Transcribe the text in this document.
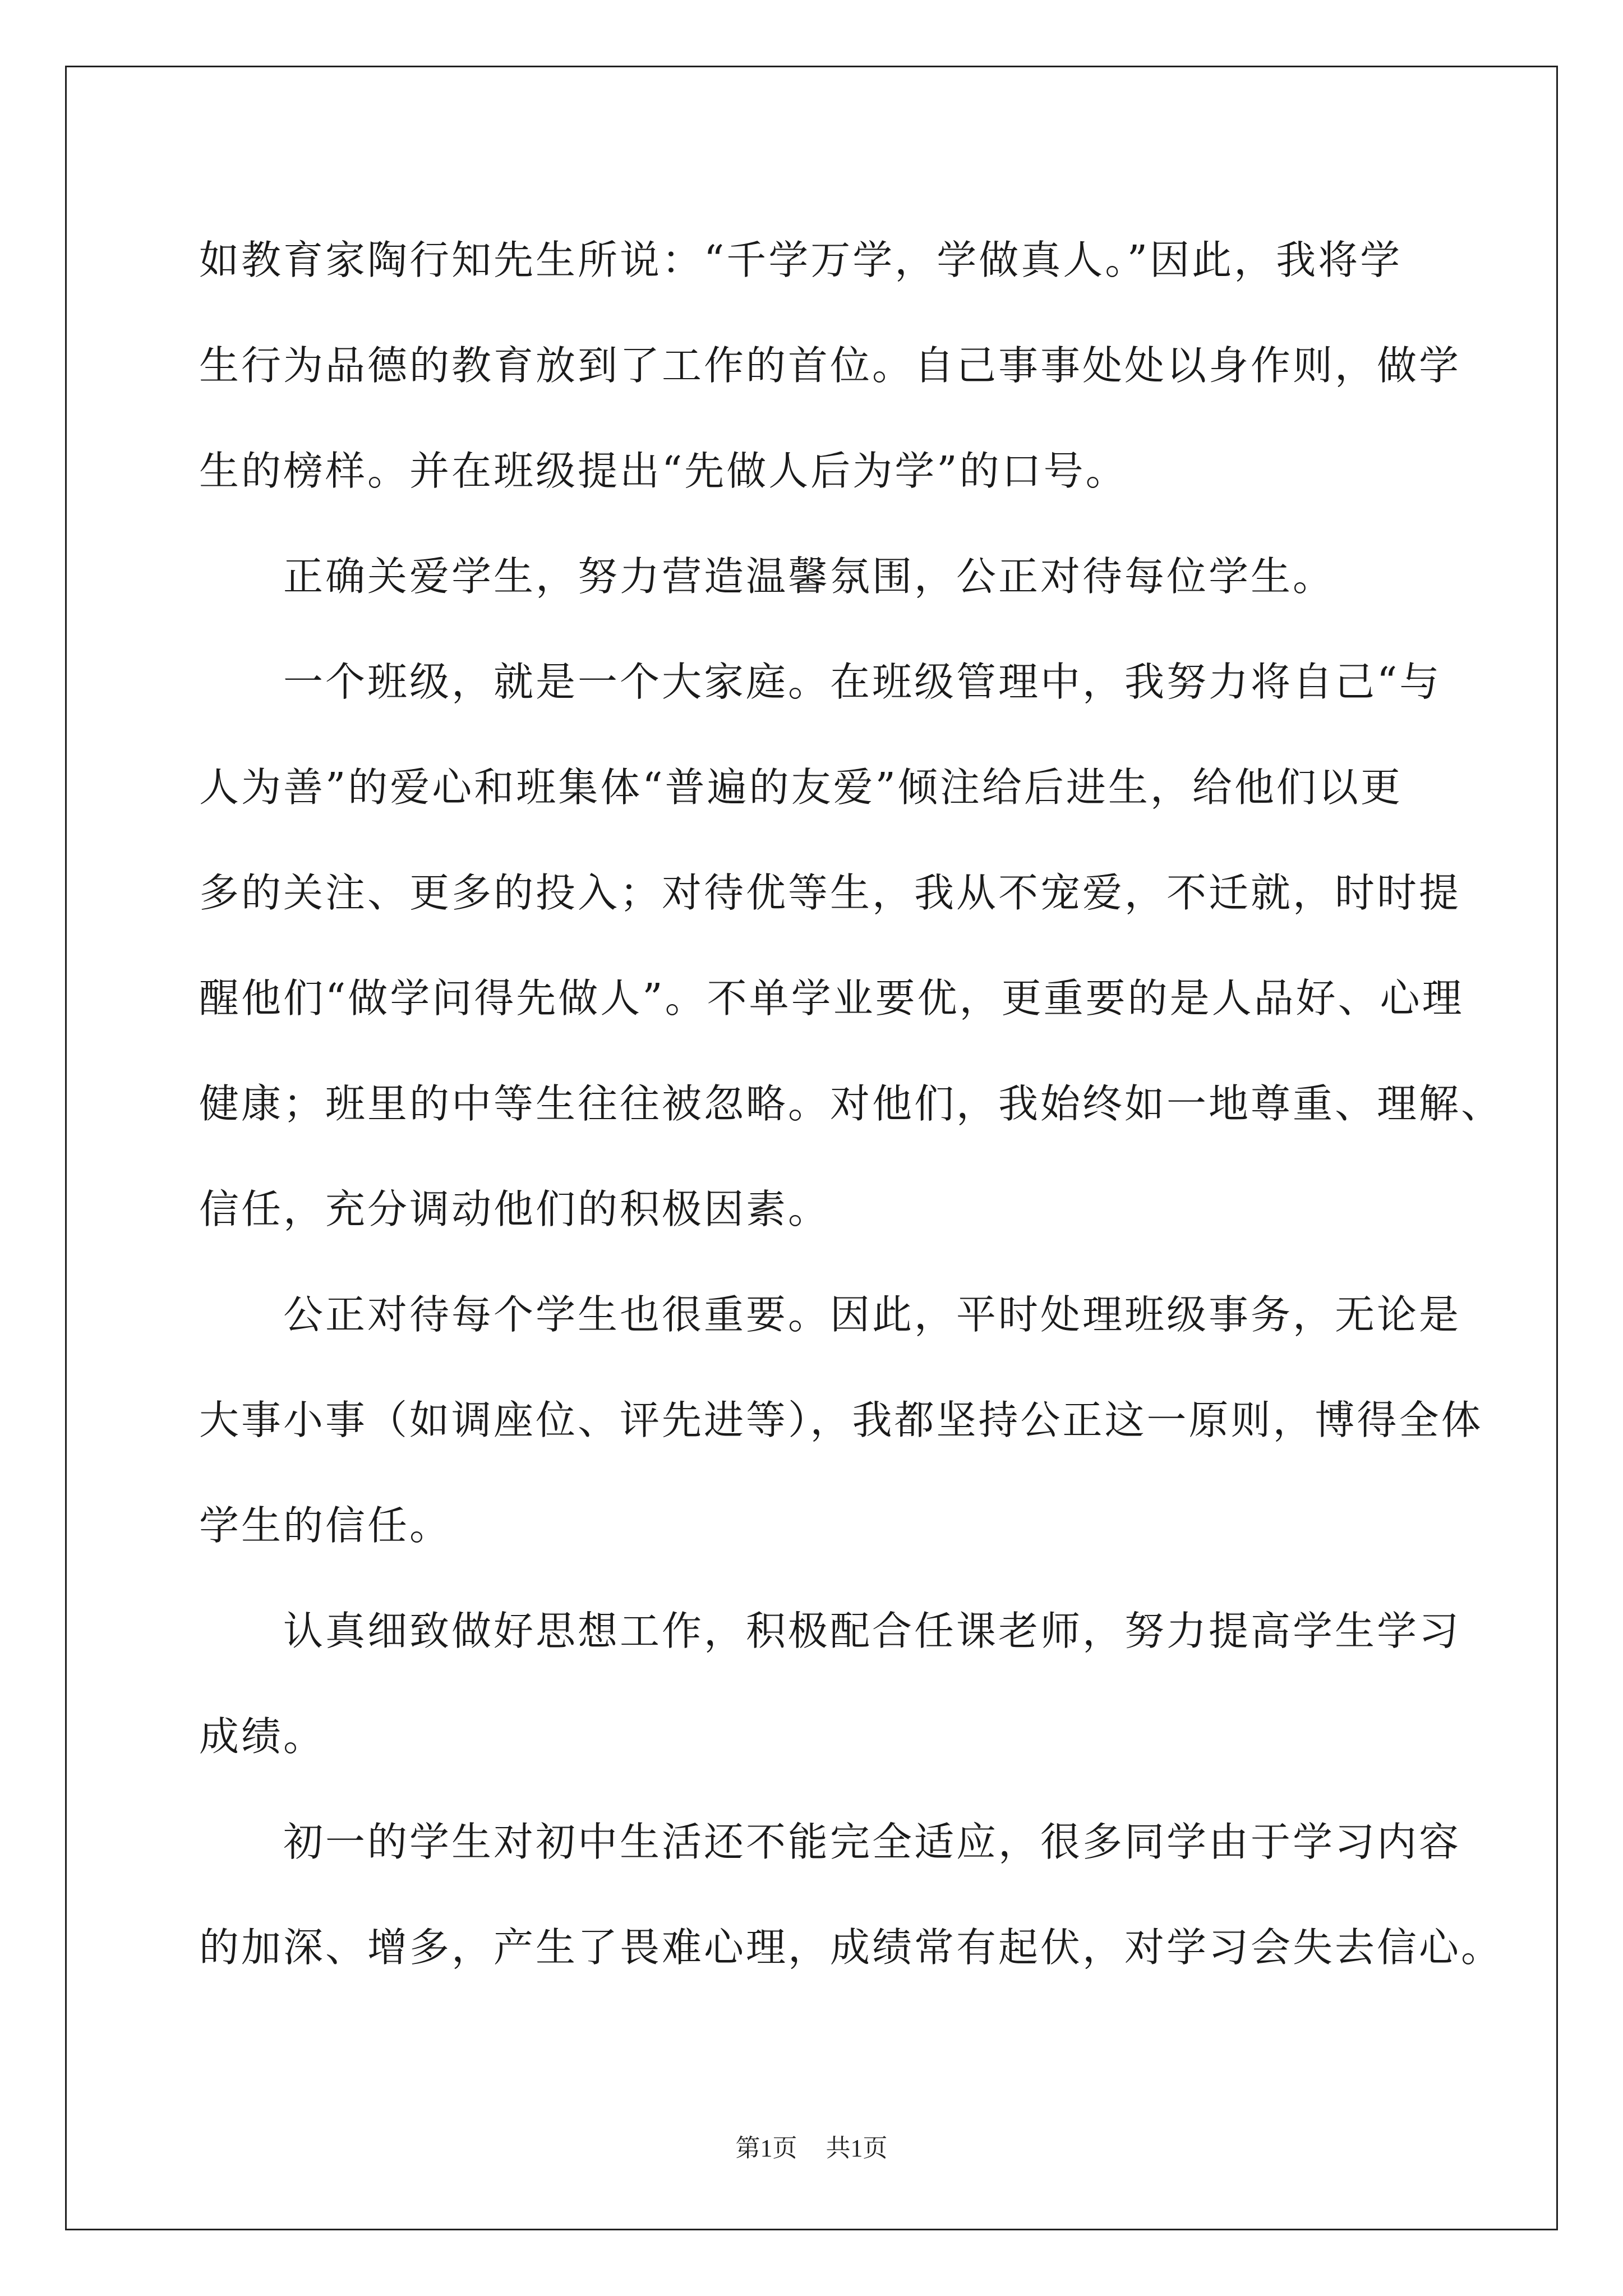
如教育家陶行知先生所说：“千学万学，学做真人。”因此，我将学

生行为品德的教育放到了工作的首位。自己事事处处以身作则，做学

生的榜样。并在班级提出“先做人后为学”的口号。

正确关爱学生，努力营造温馨氛围，公正对待每位学生。

一个班级，就是一个大家庭。在班级管理中，我努力将自己“与

人为善”的爱心和班集体“普遍的友爱”倾注给后进生，给他们以更

多的关注、更多的投入；对待优等生，我从不宠爱，不迁就，时时提

醒他们“做学问得先做人”。不单学业要优，更重要的是人品好、心理

健康；班里的中等生往往被忽略。对他们，我始终如一地尊重、理解、

信任，充分调动他们的积极因素。

公正对待每个学生也很重要。因此，平时处理班级事务，无论是

大事小事（如调座位、评先进等），我都坚持公正这一原则，博得全体

学生的信任。

认真细致做好思想工作，积极配合任课老师，努力提高学生学习

成绩。

初一的学生对初中生活还不能完全适应，很多同学由于学习内容

的加深、增多，产生了畏难心理，成绩常有起伏，对学习会失去信心。

第1页 共1页
